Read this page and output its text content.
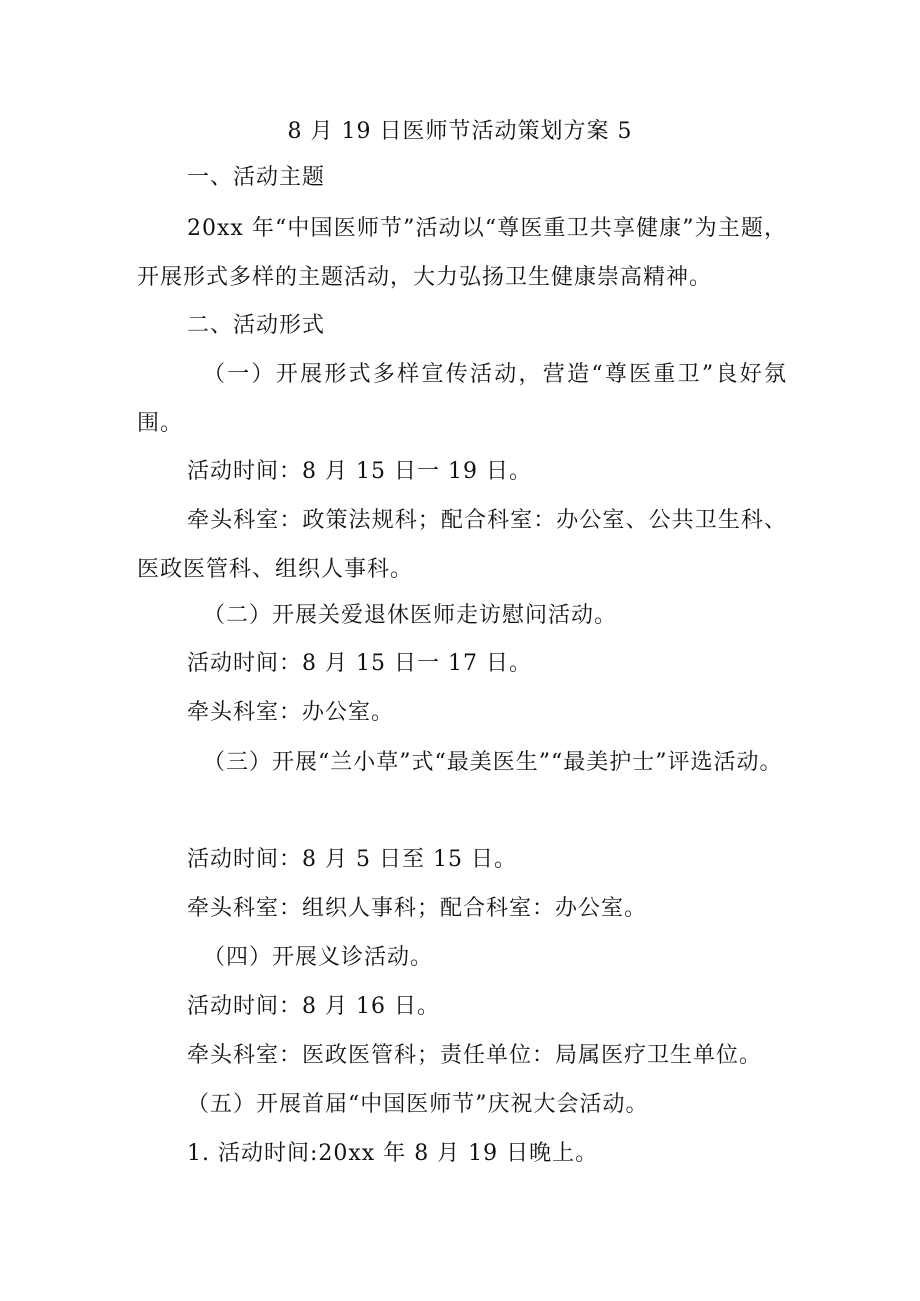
8 月 19 日医师节活动策划方案 5
一、活动主题
20xx 年“中国医师节”活动以“尊医重卫共享健康”为主题，开展形式多样的主题活动，大力弘扬卫生健康崇高精神。
二、活动形式
（一）开展形式多样宣传活动，营造“尊医重卫”良好氛围。
活动时间：8 月 15 日一 19 日。
牵头科室：政策法规科；配合科室：办公室、公共卫生科、医政医管科、组织人事科。
（二）开展关爱退休医师走访慰问活动。
活动时间：8 月 15 日一 17 日。
牵头科室：办公室。
（三）开展“兰小草”式“最美医生”“最美护士”评选活动。
活动时间：8 月 5 日至 15 日。
牵头科室：组织人事科；配合科室：办公室。
（四）开展义诊活动。
活动时间：8 月 16 日。
牵头科室：医政医管科；责任单位：局属医疗卫生单位。
（五）开展首届“中国医师节”庆祝大会活动。
1. 活动时间:20xx 年 8 月 19 日晚上。
